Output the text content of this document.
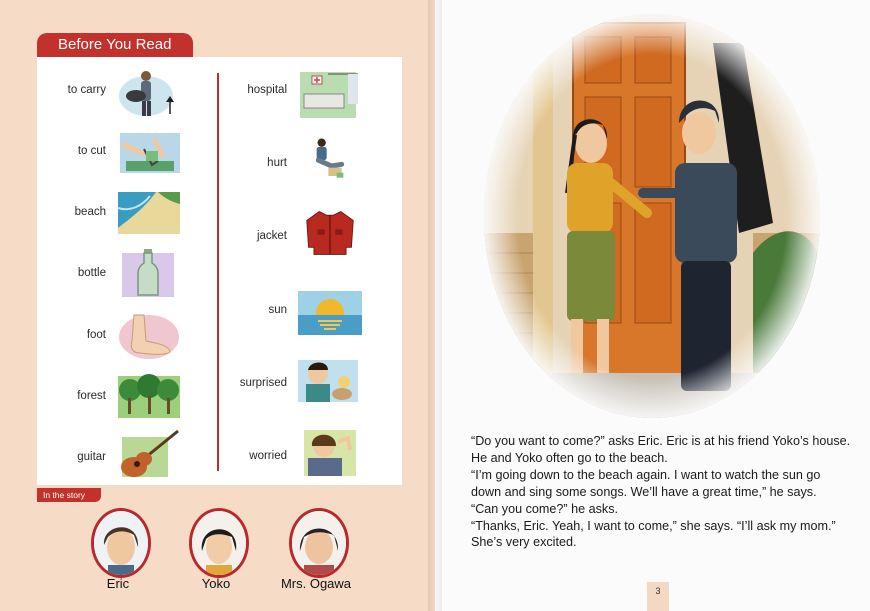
Before You Read
to carry
to cut
beach
bottle
foot
forest
guitar
hospital
hurt
jacket
sun
surprised
worried
In the story
Eric	Yoko	Mrs. Ogawa

“Do you want to come?” asks Eric. Eric is at his friend Yoko’s house.

He and Yoko often go to the beach.

“I’m going down to the beach again. I want to watch the sun go down and sing some songs. We’ll have a great time,” he says.

“Can you come?” he asks.

“Thanks, Eric. Yeah, I want to come,” she says. “I’ll ask my mom.” She’s very excited.

3
